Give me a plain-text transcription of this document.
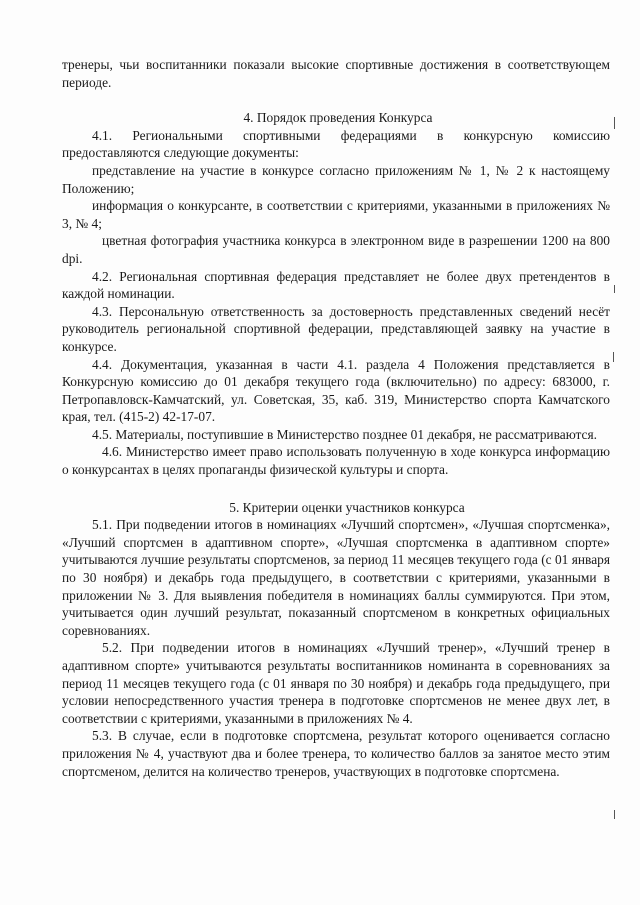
тренеры, чьи воспитанники показали высокие спортивные достижения в соответствующем периоде.

4. Порядок проведения Конкурса

4.1. Региональными спортивными федерациями в конкурсную комиссию предоставляются следующие документы:

представление на участие в конкурсе согласно приложениям № 1, № 2 к настоящему Положению;

информация о конкурсанте, в соответствии с критериями, указанными в приложениях № 3, № 4;

цветная фотография участника конкурса в электронном виде в разрешении 1200 на 800 dpi.

4.2. Региональная спортивная федерация представляет не более двух претендентов в каждой номинации.

4.3. Персональную ответственность за достоверность представленных сведений несёт руководитель региональной спортивной федерации, представляющей заявку на участие в конкурсе.

4.4. Документация, указанная в части 4.1. раздела 4 Положения представляется в Конкурсную комиссию до 01 декабря текущего года (включительно) по адресу: 683000, г. Петропавловск-Камчатский, ул. Советская, 35, каб. 319, Министерство спорта Камчатского края, тел. (415-2) 42-17-07.

4.5. Материалы, поступившие в Министерство позднее 01 декабря, не рассматриваются.

4.6. Министерство имеет право использовать полученную в ходе конкурса информацию о конкурсантах в целях пропаганды физической культуры и спорта.

5. Критерии оценки участников конкурса

5.1. При подведении итогов в номинациях «Лучший спортсмен», «Лучшая спортсменка», «Лучший спортсмен в адаптивном спорте», «Лучшая спортсменка в адаптивном спорте» учитываются лучшие результаты спортсменов, за период 11 месяцев текущего года (с 01 января по 30 ноября) и декабрь года предыдущего, в соответствии с критериями, указанными в приложении № 3. Для выявления победителя в номинациях баллы суммируются. При этом, учитывается один лучший результат, показанный спортсменом в конкретных официальных соревнованиях.

5.2. При подведении итогов в номинациях «Лучший тренер», «Лучший тренер в адаптивном спорте» учитываются результаты воспитанников номинанта в соревнованиях за период 11 месяцев текущего года (с 01 января по 30 ноября) и декабрь года предыдущего, при условии непосредственного участия тренера в подготовке спортсменов не менее двух лет, в соответствии с критериями, указанными в приложениях № 4.

5.3. В случае, если в подготовке спортсмена, результат которого оценивается согласно приложения № 4, участвуют два и более тренера, то количество баллов за занятое место этим спортсменом, делится на количество тренеров, участвующих в подготовке спортсмена.
